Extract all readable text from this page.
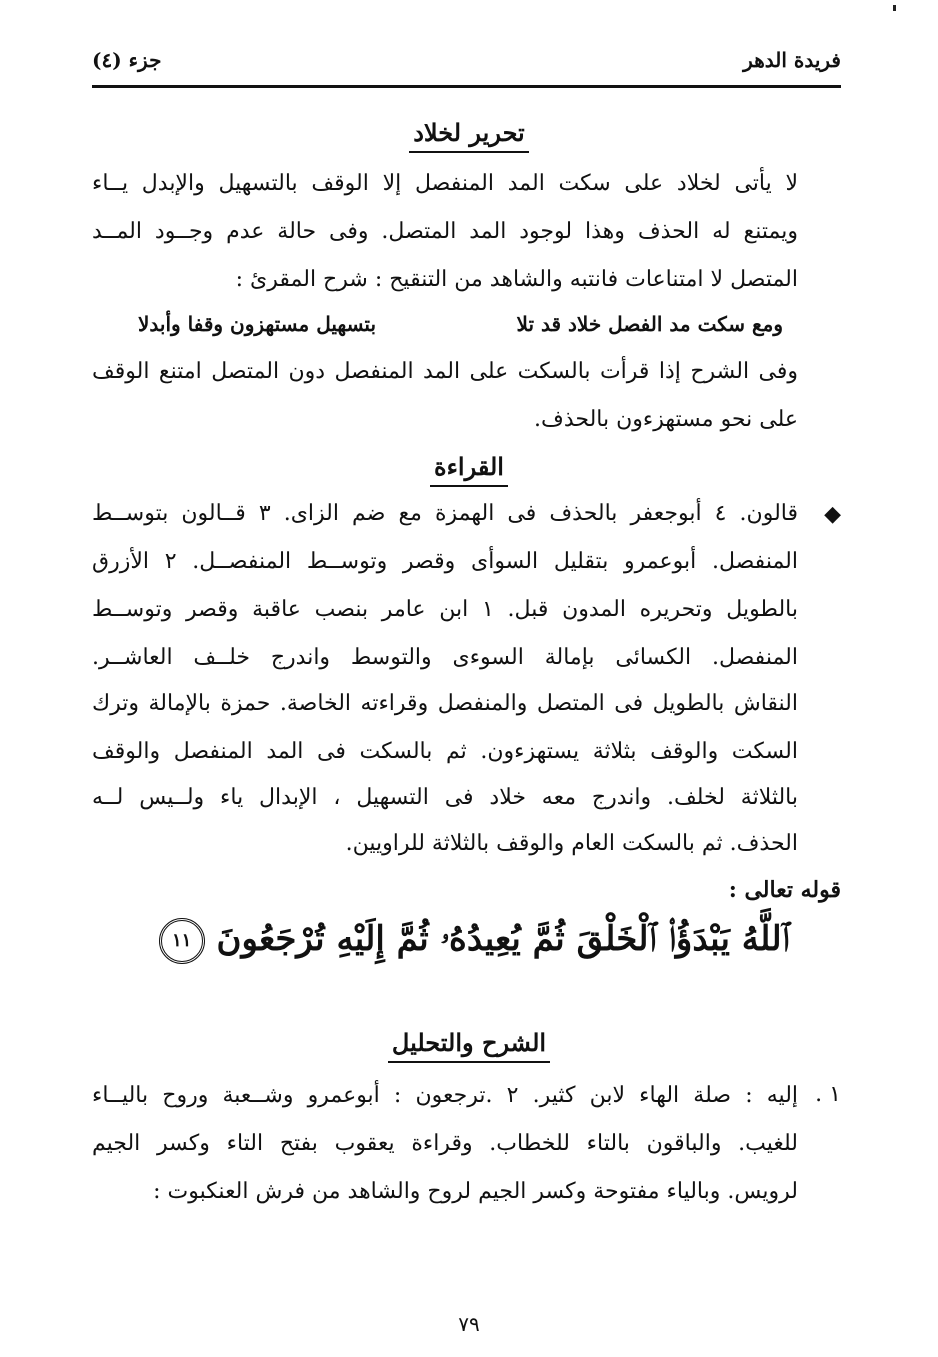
فريدة الدهر
جزء (٤)
تحرير لخلاد
لا يأتى لخلاد على سكت المد المنفصل إلا الوقف بالتسهيل والإبدل يــاء
ويمتنع له الحذف وهذا لوجود المد المتصل. وفى حالة عدم وجــود المــد
المتصل لا امتناعات فانتبه والشاهد من التنقيح : شرح المقرئ :
ومع سكت مد الفصل خلاد قد تلا
بتسهيل مستهزون وقفا وأبدلا
وفى الشرح إذا قرأت بالسكت على المد المنفصل دون المتصل امتنع الوقف
على نحو مستهزءون بالحذف.
القراءة
◆
قالون. ٤ أبوجعفر بالحذف فى الهمزة مع ضم الزاى. ٣ قــالون بتوســط
المنفصل. أبوعمرو بتقليل السوأى وقصر وتوســط المنفصــل. ٢ الأزرق
بالطويل وتحريره المدون قبل. ١ ابن عامر بنصب عاقبة وقصر وتوســط
المنفصل. الكسائى بإمالة السوءى والتوسط واندرج خلــف العاشــر.
النقاش بالطويل فى المتصل والمنفصل وقراءته الخاصة. حمزة بالإمالة وترك
السكت والوقف بثلاثة يستهزءون. ثم بالسكت فى المد المنفصل والوقف
بالثلاثة لخلف. واندرج معه خلاد فى التسهيل ، الإبدال ياء ولــيس لــه
الحذف. ثم بالسكت العام والوقف بالثلاثة للراويين.
قوله تعالى :
ٱللَّهُ يَبْدَؤُا۟ ٱلْخَلْقَ ثُمَّ يُعِيدُهُۥ ثُمَّ إِلَيْهِ تُرْجَعُونَ ١١
الشرح والتحليل
١ .
إليه : صلة الهاء لابن كثير. ٢ .ترجعون : أبوعمرو وشــعبة وروح باليــاء
للغيب. والباقون بالتاء للخطاب. وقراءة يعقوب بفتح التاء وكسر الجيم
لرويس. وبالياء مفتوحة وكسر الجيم لروح والشاهد من فرش العنكبوت :
٧٩
